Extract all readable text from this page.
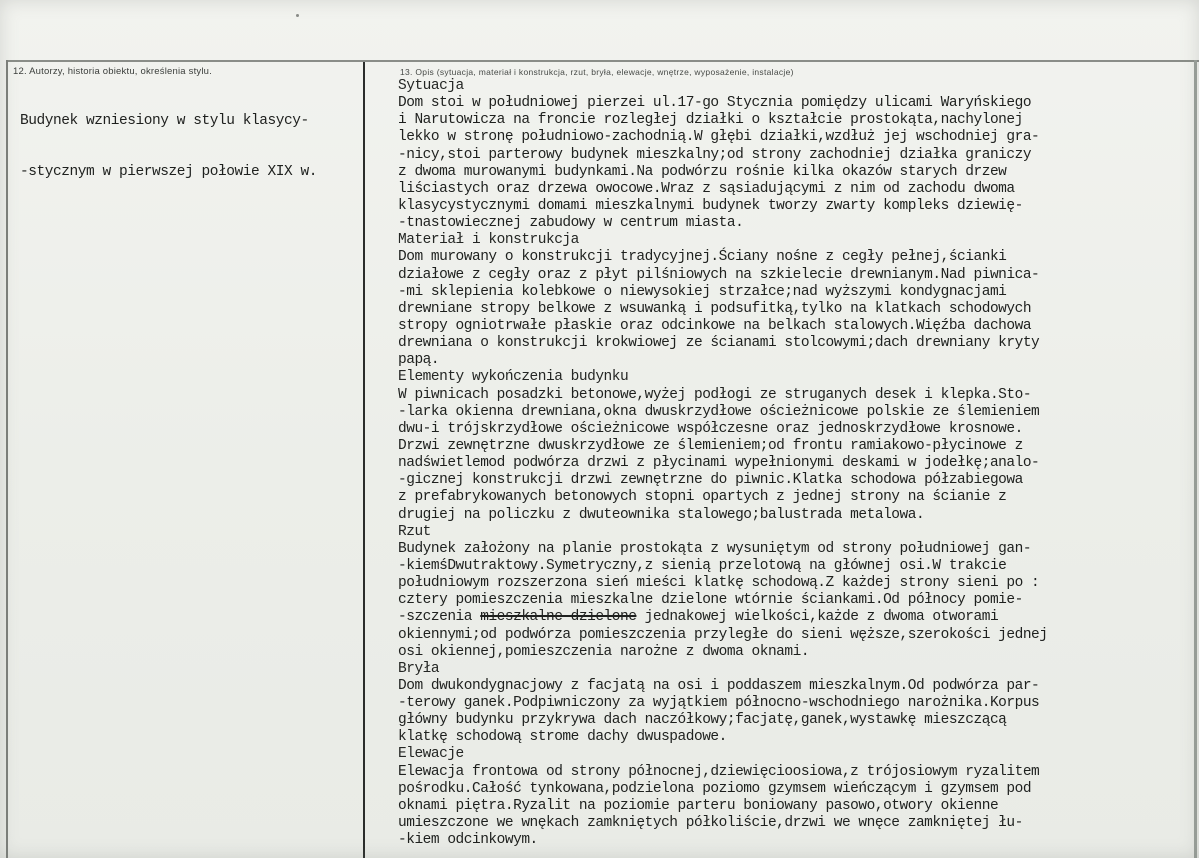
12. Autorzy, historia obiektu, określenia stylu.	13. Opis (sytuacja, materiał i konstrukcja, rzut, bryła, elewacje, wnętrze, wyposażenie, instalacje)

Budynek wzniesiony w stylu klasycy-

-stycznym w pierwszej połowie XIX w.

Sytuacja
Dom stoi w południowej pierzei ul.17-go Stycznia pomiędzy ulicami Waryńskiego
i Narutowicza na froncie rozległej działki o kształcie prostokąta,nachylonej
lekko w stronę południowo-zachodnią.W głębi działki,wzdłuż jej wschodniej gra-
-nicy,stoi parterowy budynek mieszkalny;od strony zachodniej działka graniczy
z dwoma murowanymi budynkami.Na podwórzu rośnie kilka okazów starych drzew
liściastych oraz drzewa owocowe.Wraz z sąsiadującymi z nim od zachodu dwoma
klasycystycznymi domami mieszkalnymi budynek tworzy zwarty kompleks dziewię-
-tnastowiecznej zabudowy w centrum miasta.
Materiał i konstrukcja
Dom murowany o konstrukcji tradycyjnej.Ściany nośne z cegły pełnej,ścianki
działowe z cegły oraz z płyt pilśniowych na szkielecie drewnianym.Nad piwnica-
-mi sklepienia kolebkowe o niewysokiej strzałce;nad wyższymi kondygnacjami
drewniane stropy belkowe z wsuwanką i podsufitką,tylko na klatkach schodowych
stropy ogniotrwałe płaskie oraz odcinkowe na belkach stalowych.Więźba dachowa
drewniana o konstrukcji krokwiowej ze ścianami stolcowymi;dach drewniany kryty
papą.
Elementy wykończenia budynku
W piwnicach posadzki betonowe,wyżej podłogi ze struganych desek i klepka.Sto-
-larka okienna drewniana,okna dwuskrzydłowe ościeżnicowe polskie ze ślemieniem
dwu-i trójskrzydłowe ościeżnicowe współczesne oraz jednoskrzydłowe krosnowe.
Drzwi zewnętrzne dwuskrzydłowe ze ślemieniem;od frontu ramiakowo-płycinowe z
nadświetlemod podwórza drzwi z płycinami wypełnionymi deskami w jodełkę;analo-
-gicznej konstrukcji drzwi zewnętrzne do piwnic.Klatka schodowa półzabiegowa
z prefabrykowanych betonowych stopni opartych z jednej strony na ścianie z
drugiej na policzku z dwuteownika stalowego;balustrada metalowa.
Rzut
Budynek założony na planie prostokąta z wysuniętym od strony południowej gan-
-kiemśDwutraktowy.Symetryczny,z sienią przelotową na głównej osi.W trakcie
południowym rozszerzona sień mieści klatkę schodową.Z każdej strony sieni po :
cztery pomieszczenia mieszkalne dzielone wtórnie ściankami.Od północy pomie-
-szczenia mieszkalne dzielone jednakowej wielkości,każde z dwoma otworami
okiennymi;od podwórza pomieszczenia przyległe do sieni węższe,szerokości jednej
osi okiennej,pomieszczenia narożne z dwoma oknami.
Bryła
Dom dwukondygnacjowy z facjatą na osi i poddaszem mieszkalnym.Od podwórza par-
-terowy ganek.Podpiwniczony za wyjątkiem północno-wschodniego narożnika.Korpus
główny budynku przykrywa dach naczółkowy;facjatę,ganek,wystawkę mieszczącą
klatkę schodową strome dachy dwuspadowe.
Elewacje
Elewacja frontowa od strony północnej,dziewięcioosiowa,z trójosiowym ryzalitem
pośrodku.Całość tynkowana,podzielona poziomo gzymsem wieńczącym i gzymsem pod
oknami piętra.Ryzalit na poziomie parteru boniowany pasowo,otwory okienne
umieszczone we wnękach zamkniętych półkoliście,drzwi we wnęce zamkniętej łu-
-kiem odcinkowym.
